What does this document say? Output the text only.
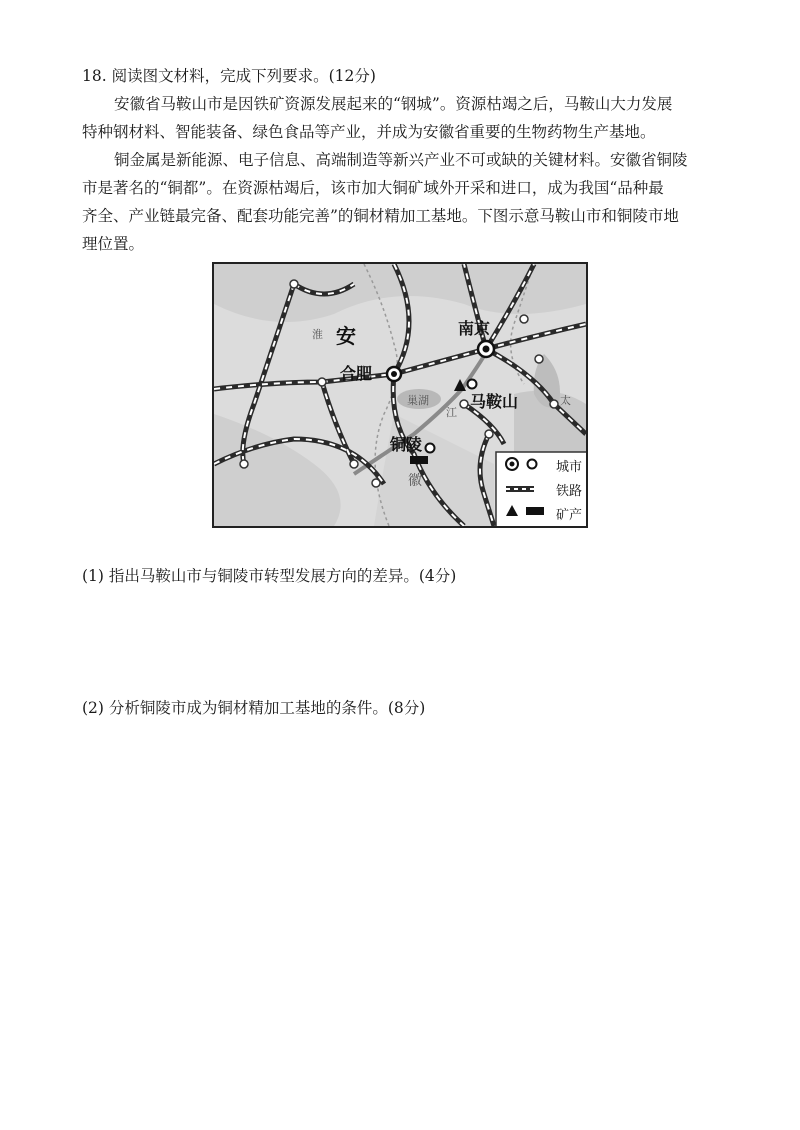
18. 阅读图文材料，完成下列要求。(12分)
安徽省马鞍山市是因铁矿资源发展起来的“钢城”。资源枯竭之后，马鞍山大力发展
特种钢材料、智能装备、绿色食品等产业，并成为安徽省重要的生物药物生产基地。
铜金属是新能源、电子信息、高端制造等新兴产业不可或缺的关键材料。安徽省铜陵
市是著名的“铜都”。在资源枯竭后，该市加大铜矿域外开采和进口，成为我国“品种最
齐全、产业链最完备、配套功能完善”的铜材精加工基地。下图示意马鞍山市和铜陵市地
理位置。
安
淮
合肥
南京
马鞍山
铜陵
徽
巢湖
江
太
城市
铁路
矿产
(1) 指出马鞍山市与铜陵市转型发展方向的差异。(4分)
(2) 分析铜陵市成为铜材精加工基地的条件。(8分)
